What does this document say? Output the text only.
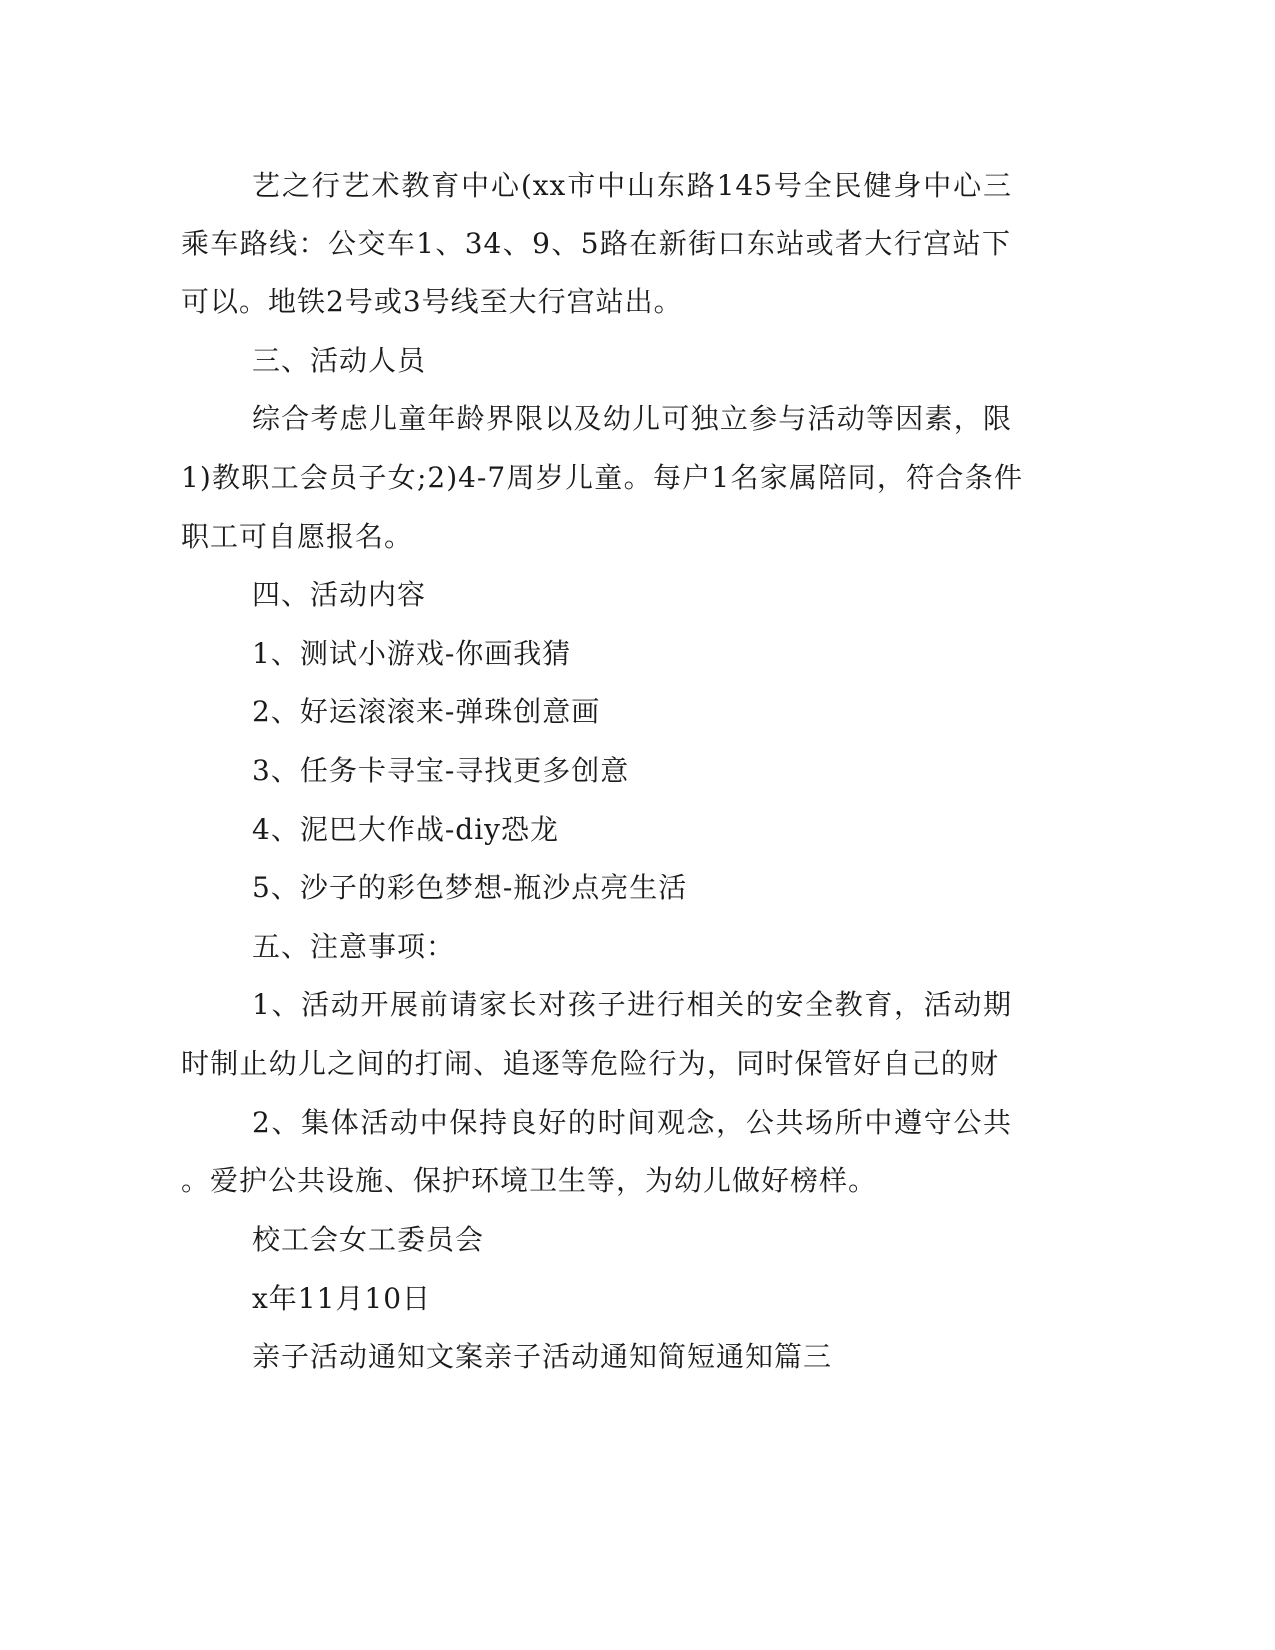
艺之行艺术教育中心(xx市中山东路145号全民健身中心三
乘车路线：公交车1、34、9、5路在新街口东站或者大行宫站下
可以。地铁2号或3号线至大行宫站出。
三、活动人员
综合考虑儿童年龄界限以及幼儿可独立参与活动等因素，限
1)教职工会员子女;2)4-7周岁儿童。每户1名家属陪同，符合条件
职工可自愿报名。
四、活动内容
1、测试小游戏-你画我猜
2、好运滚滚来-弹珠创意画
3、任务卡寻宝-寻找更多创意
4、泥巴大作战-diy恐龙
5、沙子的彩色梦想-瓶沙点亮生活
五、注意事项：
1、活动开展前请家长对孩子进行相关的安全教育，活动期
时制止幼儿之间的打闹、追逐等危险行为，同时保管好自己的财
2、集体活动中保持良好的时间观念，公共场所中遵守公共
。爱护公共设施、保护环境卫生等，为幼儿做好榜样。
校工会女工委员会
x年11月10日
亲子活动通知文案亲子活动通知简短通知篇三
